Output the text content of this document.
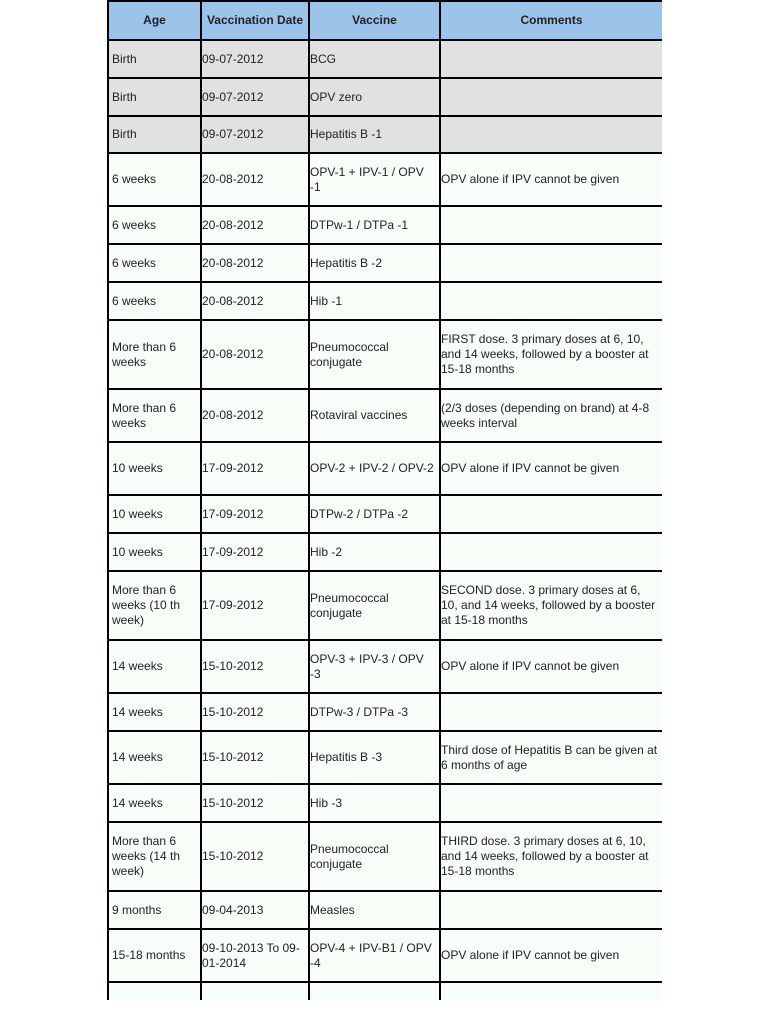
Age	Vaccination Date	Vaccine	Comments
Birth	09-07-2012	BCG	
Birth	09-07-2012	OPV zero	
Birth	09-07-2012	Hepatitis B -1	
6 weeks	20-08-2012	OPV-1 + IPV-1 / OPV -1	OPV alone if IPV cannot be given
6 weeks	20-08-2012	DTPw-1 / DTPa -1	
6 weeks	20-08-2012	Hepatitis B -2	
6 weeks	20-08-2012	Hib -1	
More than 6 weeks	20-08-2012	Pneumococcal conjugate	FIRST dose. 3 primary doses at 6, 10, and 14 weeks, followed by a booster at 15-18 months
More than 6 weeks	20-08-2012	Rotaviral vaccines	(2/3 doses (depending on brand) at 4-8 weeks interval
10 weeks	17-09-2012	OPV-2 + IPV-2 / OPV-2	OPV alone if IPV cannot be given
10 weeks	17-09-2012	DTPw-2 / DTPa -2	
10 weeks	17-09-2012	Hib -2	
More than 6 weeks (10 th week)	17-09-2012	Pneumococcal conjugate	SECOND dose. 3 primary doses at 6, 10, and 14 weeks, followed by a booster at 15-18 months
14 weeks	15-10-2012	OPV-3 + IPV-3 / OPV -3	OPV alone if IPV cannot be given
14 weeks	15-10-2012	DTPw-3 / DTPa -3	
14 weeks	15-10-2012	Hepatitis B -3	Third dose of Hepatitis B can be given at 6 months of age
14 weeks	15-10-2012	Hib -3	
More than 6 weeks (14 th week)	15-10-2012	Pneumococcal conjugate	THIRD dose. 3 primary doses at 6, 10, and 14 weeks, followed by a booster at 15-18 months
9 months	09-04-2013	Measles	
15-18 months	09-10-2013 To 09-01-2014	OPV-4 + IPV-B1 / OPV -4	OPV alone if IPV cannot be given
